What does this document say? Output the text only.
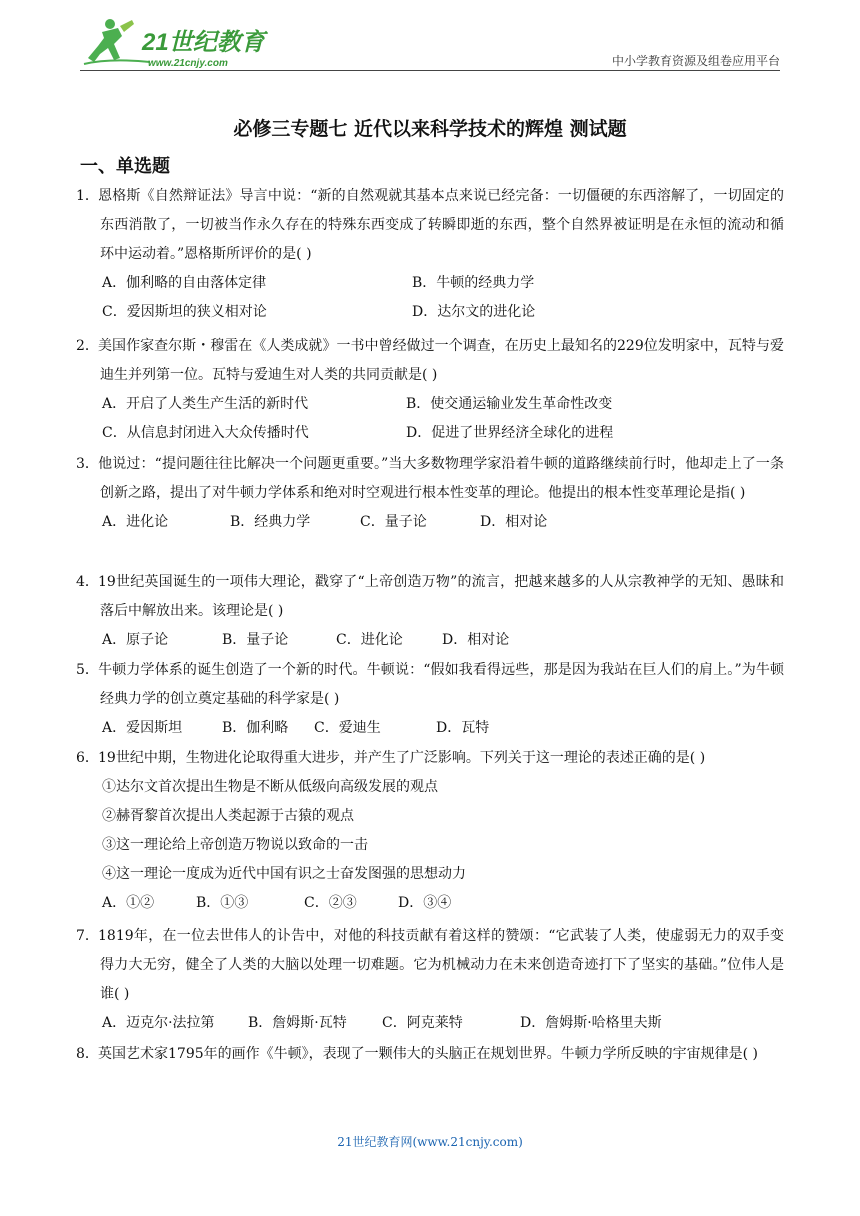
21世纪教育
www.21cnjy.com	中小学教育资源及组卷应用平台
必修三专题七 近代以来科学技术的辉煌 测试题
一、单选题
1．恩格斯《自然辩证法》导言中说：“新的自然观就其基本点来说已经完备：一切僵硬的东西溶解了，一切固定的东西消散了，一切被当作永久存在的特殊东西变成了转瞬即逝的东西，整个自然界被证明是在永恒的流动和循环中运动着。”恩格斯所评价的是( )
A．伽利略的自由落体定律	B．牛顿的经典力学
C．爱因斯坦的狭义相对论	D．达尔文的进化论
2．美国作家查尔斯・穆雷在《人类成就》一书中曾经做过一个调查，在历史上最知名的229位发明家中，瓦特与爱迪生并列第一位。瓦特与爱迪生对人类的共同贡献是( )
A．开启了人类生产生活的新时代	B．使交通运输业发生革命性改变
C．从信息封闭进入大众传播时代	D．促进了世界经济全球化的进程
3．他说过：“提问题往往比解决一个问题更重要。”当大多数物理学家沿着牛顿的道路继续前行时，他却走上了一条创新之路，提出了对牛顿力学体系和绝对时空观进行根本性变革的理论。他提出的根本性变革理论是指( )
A．进化论	B．经典力学	C．量子论	D．相对论
4．19世纪英国诞生的一项伟大理论，戳穿了“上帝创造万物”的流言，把越来越多的人从宗教神学的无知、愚昧和落后中解放出来。该理论是( )
A．原子论	B．量子论	C．进化论	D．相对论
5．牛顿力学体系的诞生创造了一个新的时代。牛顿说：“假如我看得远些，那是因为我站在巨人们的肩上。”为牛顿经典力学的创立奠定基础的科学家是( )
A．爱因斯坦	B．伽利略 C．爱迪生	D．瓦特
6．19世纪中期，生物进化论取得重大进步，并产生了广泛影响。下列关于这一理论的表述正确的是( )
①达尔文首次提出生物是不断从低级向高级发展的观点
②赫胥黎首次提出人类起源于古猿的观点
③这一理论给上帝创造万物说以致命的一击
④这一理论一度成为近代中国有识之士奋发图强的思想动力
A．①②	B．①③	C．②③	D．③④
7．1819年，在一位去世伟人的讣告中，对他的科技贡献有着这样的赞颂：“它武装了人类，使虚弱无力的双手变得力大无穷，健全了人类的大脑以处理一切难题。它为机械动力在未来创造奇迹打下了坚实的基础。”位伟人是谁( )
A．迈克尔·法拉第 B．詹姆斯·瓦特	C．阿克莱特	D．詹姆斯·哈格里夫斯
8．英国艺术家1795年的画作《牛顿》，表现了一颗伟大的头脑正在规划世界。牛顿力学所反映的宇宙规律是( )
21世纪教育网(www.21cnjy.com)
